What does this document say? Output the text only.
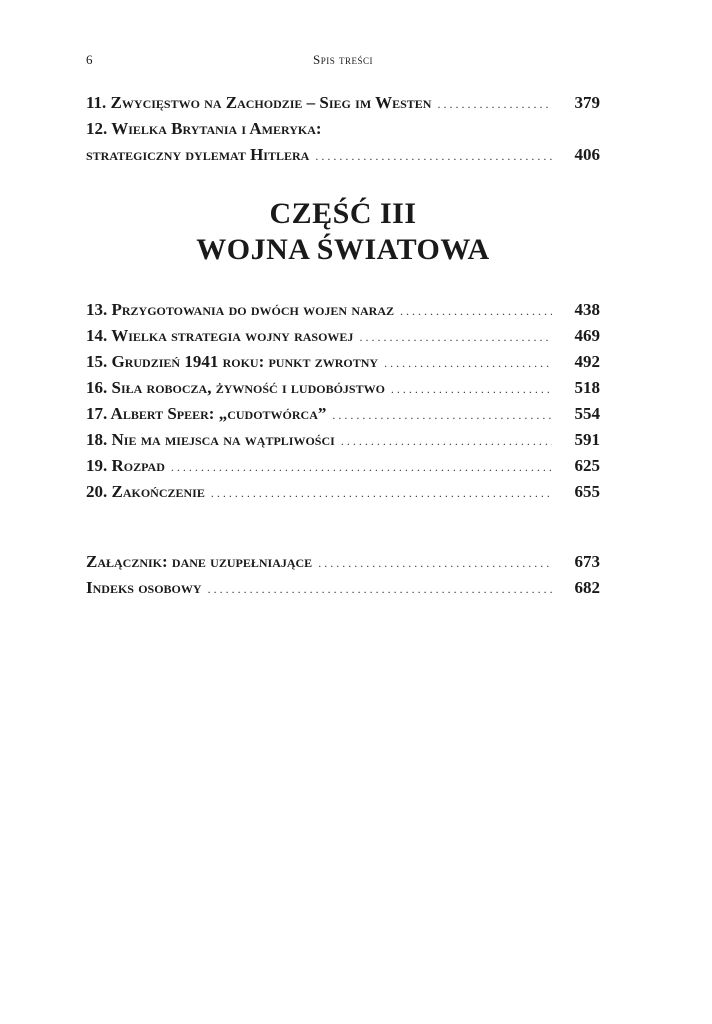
6	Spis treści
11. Zwycięstwo na Zachodzie – Sieg im Westen . . .	379
12. Wielka Brytania i Ameryka:
strategiczny dylemat Hitlera . . .	406
CZĘŚĆ III
WOJNA ŚWIATOWA
13. Przygotowania do dwóch wojen naraz . . .	438
14. Wielka strategia wojny rasowej . . .	469
15. Grudzień 1941 roku: punkt zwrotny . . .	492
16. Siła robocza, żywność i ludobójstwo . . .	518
17. Albert Speer: „cudotwórca” . . .	554
18. Nie ma miejsca na wątpliwości . . .	591
19. Rozpad . . .	625
20. Zakończenie . . .	655
Załącznik: dane uzupełniające . . .	673
Indeks osobowy . . .	682
